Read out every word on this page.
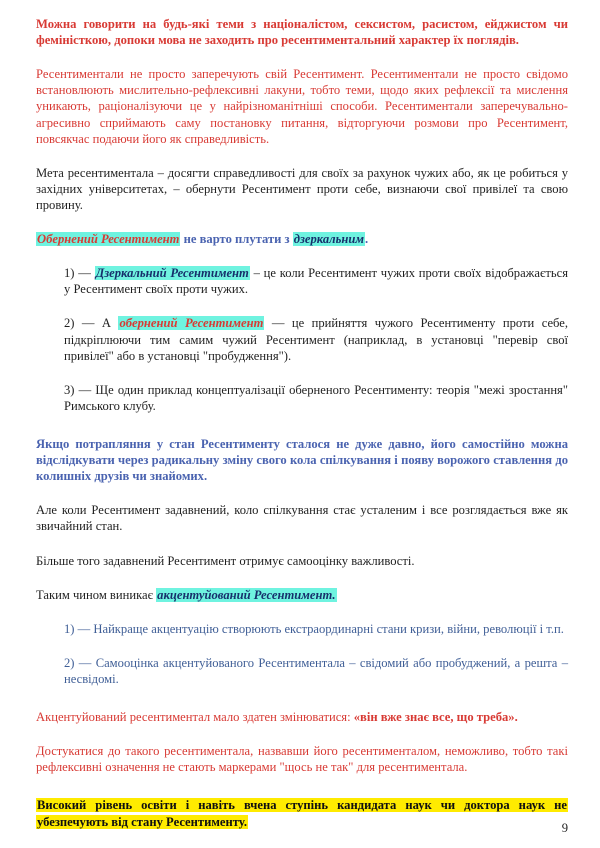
Можна говорити на будь-які теми з націоналістом, сексистом, расистом, ейджистом чи феміністкою, допоки мова не заходить про ресентиментальний характер їх поглядів.

Ресентиментали не просто заперечують свій Ресентимент. Ресентиментали не просто свідомо встановлюють мислительно-рефлексивні лакуни, тобто теми, щодо яких рефлексії та мислення уникають, раціоналізуючи це у найрізноманітніші способи. Ресентиментали заперечувально-агресивно сприймають саму постановку питання, відторгуючи розмови про Ресентимент, повсякчас подаючи його як справедливість.

Мета ресентиментала – досягти справедливості для своїх за рахунок чужих або, як це робиться у західних університетах, – обернути Ресентимент проти себе, визнаючи свої привілеї та свою провину.

Обернений Ресентимент не варто плутати з дзеркальним.

1) — Дзеркальний Ресентимент – це коли Ресентимент чужих проти своїх відображається у Ресентимент своїх проти чужих.

2) — А обернений Ресентимент — це прийняття чужого Ресентименту проти себе, підкріплюючи тим самим чужий Ресентимент (наприклад, в установці "перевір свої привілеї" або в установці "пробудження").

3) — Ще один приклад концептуалізації оберненого Ресентименту: теорія "межі зростання" Римського клубу.

Якщо потрапляння у стан Ресентименту сталося не дуже давно, його самостійно можна відслідкувати через радикальну зміну свого кола спілкування і появу ворожого ставлення до колишніх друзів чи знайомих.

Але коли Ресентимент задавнений, коло спілкування стає усталеним і все розглядається вже як звичайний стан.

Більше того задавнений Ресентимент отримує самооцінку важливості.

Таким чином виникає акцентуйований Ресентимент.

1) — Найкраще акцентуацію створюють екстраординарні стани кризи, війни, революції і т.п.

2) — Самооцінка акцентуйованого Ресентиментала – свідомий або пробуджений, а решта – несвідомі.

Акцентуйований ресентиментал мало здатен змінюватися: «він вже знає все, що треба».

Достукатися до такого ресентиментала, назвавши його ресентименталом, неможливо, тобто такі рефлексивні означення не стають маркерами "щось не так" для ресентиментала.

Високий рівень освіти і навіть вчена ступінь кандидата наук чи доктора наук не убезпечують від стану Ресентименту.	9
